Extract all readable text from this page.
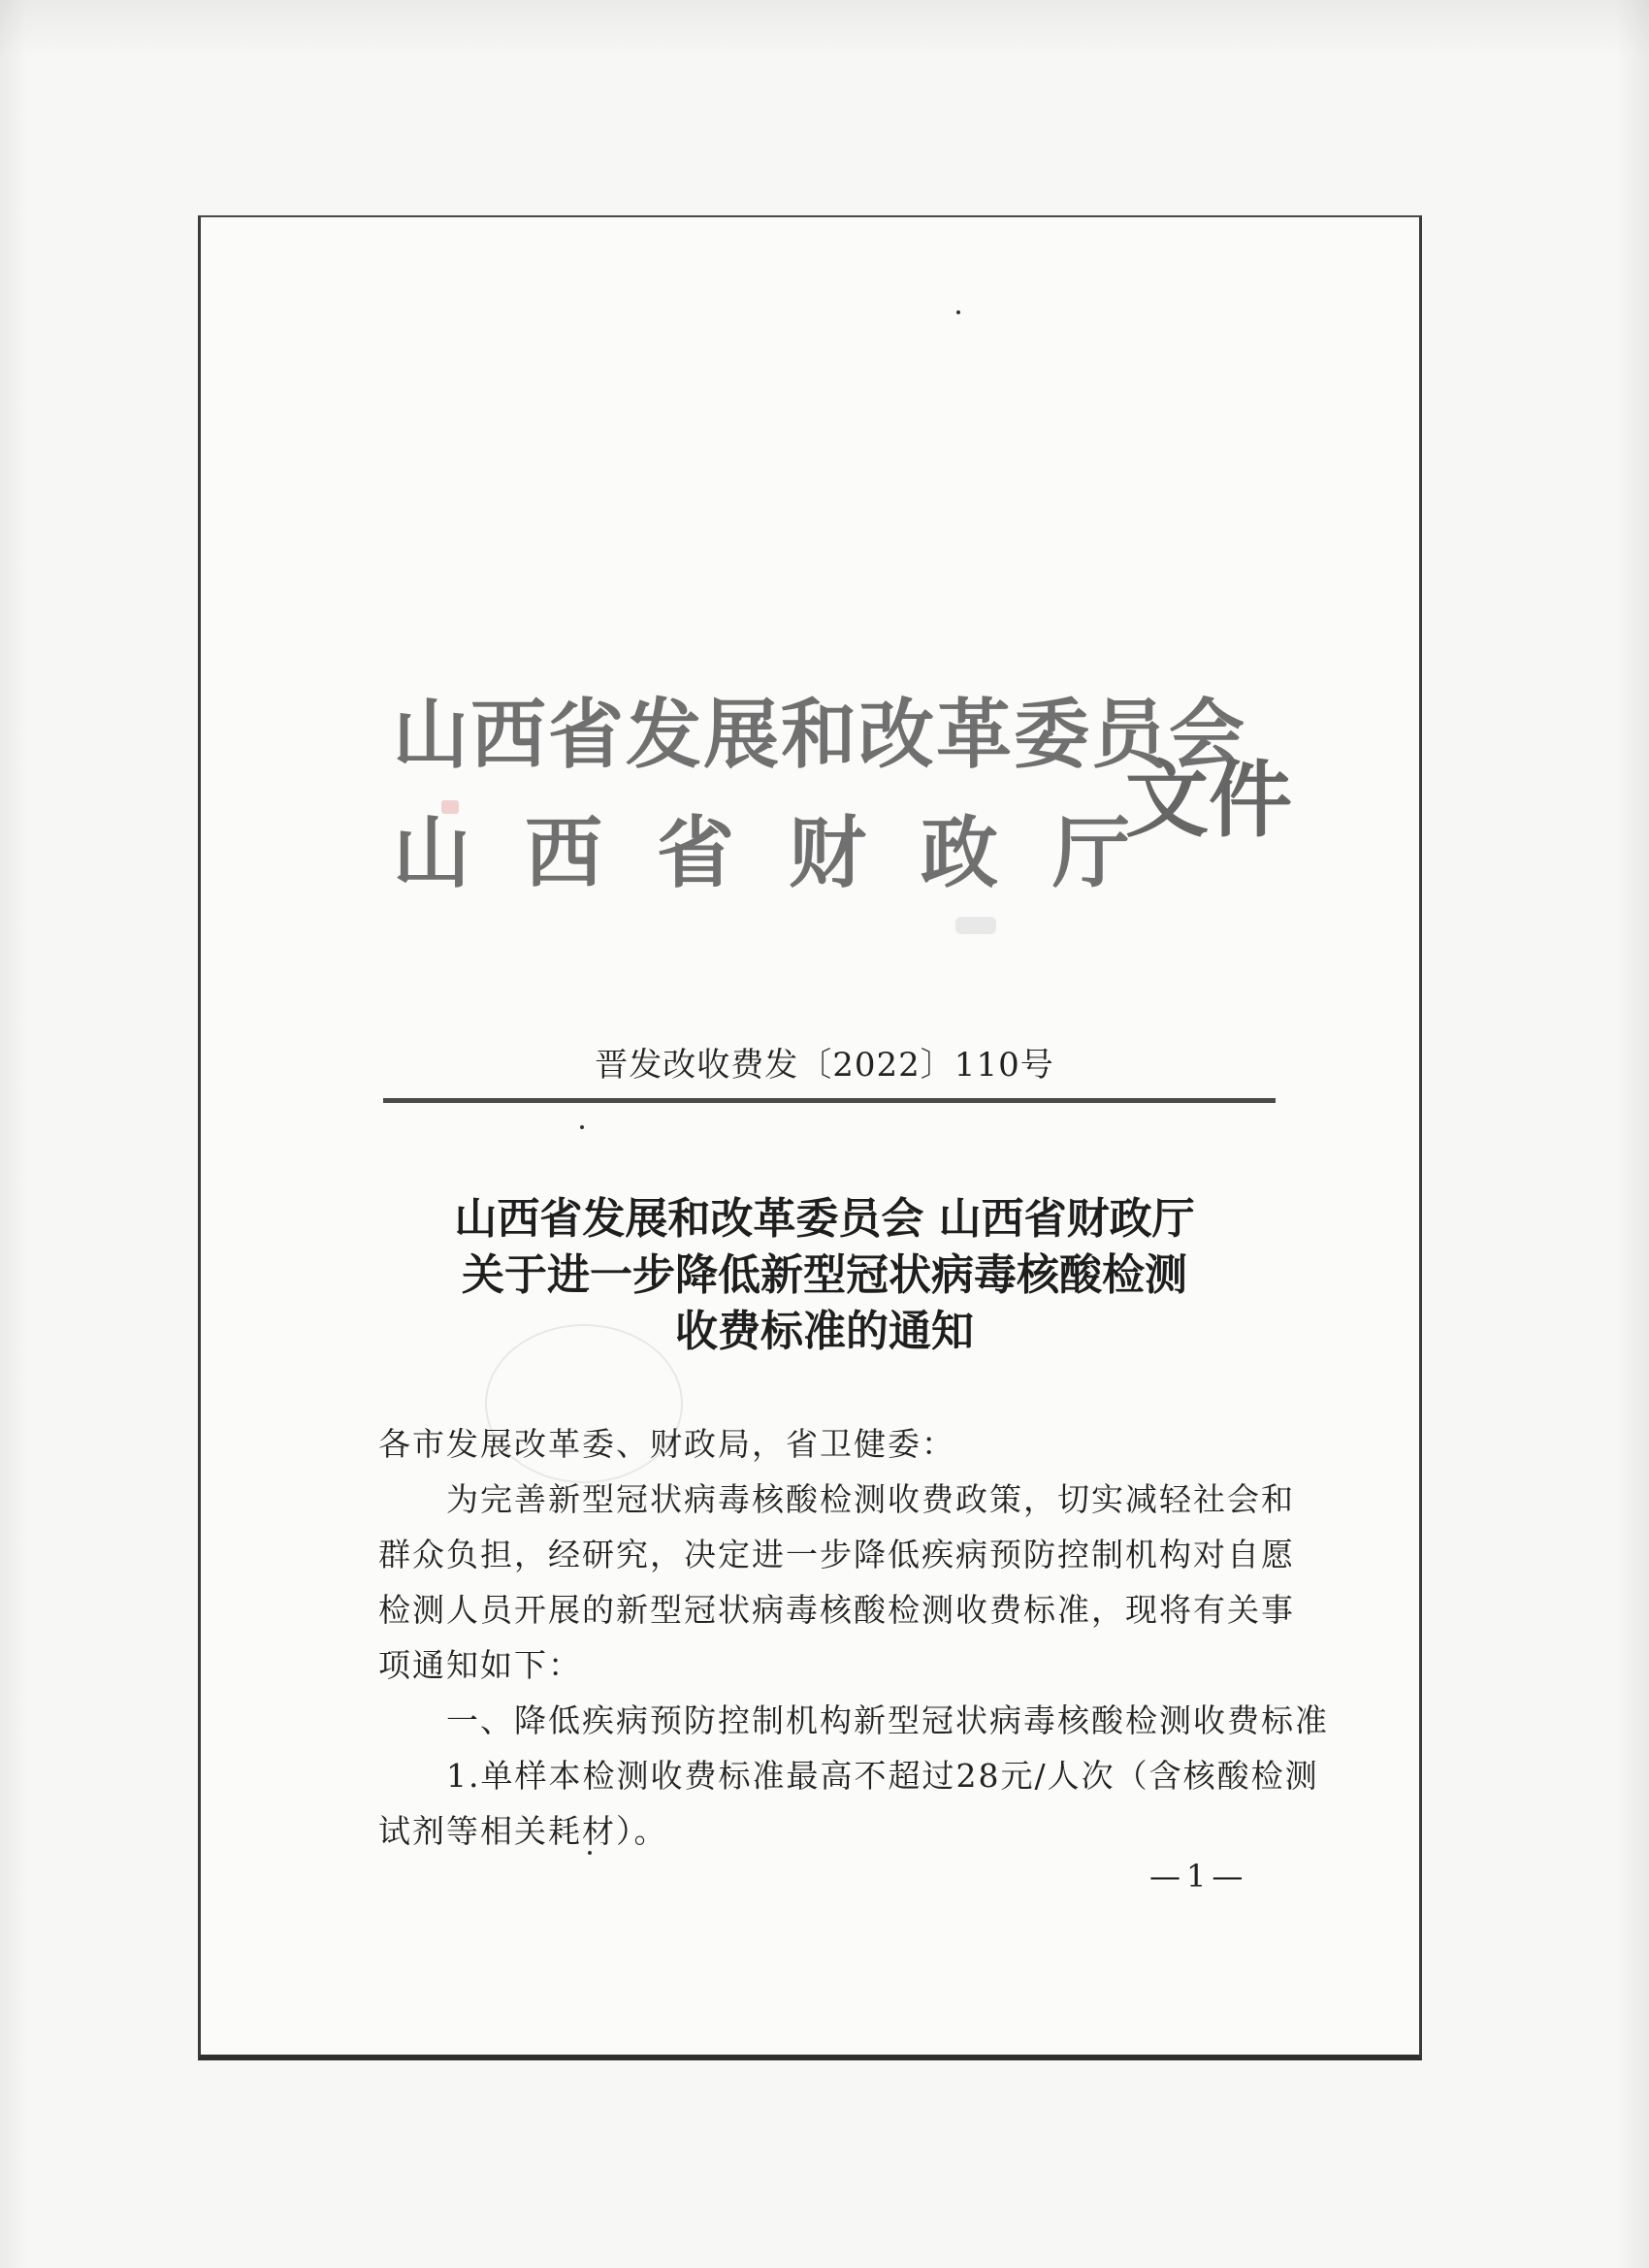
山西省发展和改革委员会
山 西 省 财 政 厅
文件
晋发改收费发〔2022〕110号
山西省发展和改革委员会 山西省财政厅
关于进一步降低新型冠状病毒核酸检测
收费标准的通知

各市发展改革委、财政局，省卫健委：

为完善新型冠状病毒核酸检测收费政策，切实减轻社会和

群众负担，经研究，决定进一步降低疾病预防控制机构对自愿

检测人员开展的新型冠状病毒核酸检测收费标准，现将有关事

项通知如下：

一、降低疾病预防控制机构新型冠状病毒核酸检测收费标准

1.单样本检测收费标准最高不超过28元/人次（含核酸检测

试剂等相关耗材）。

—1—
